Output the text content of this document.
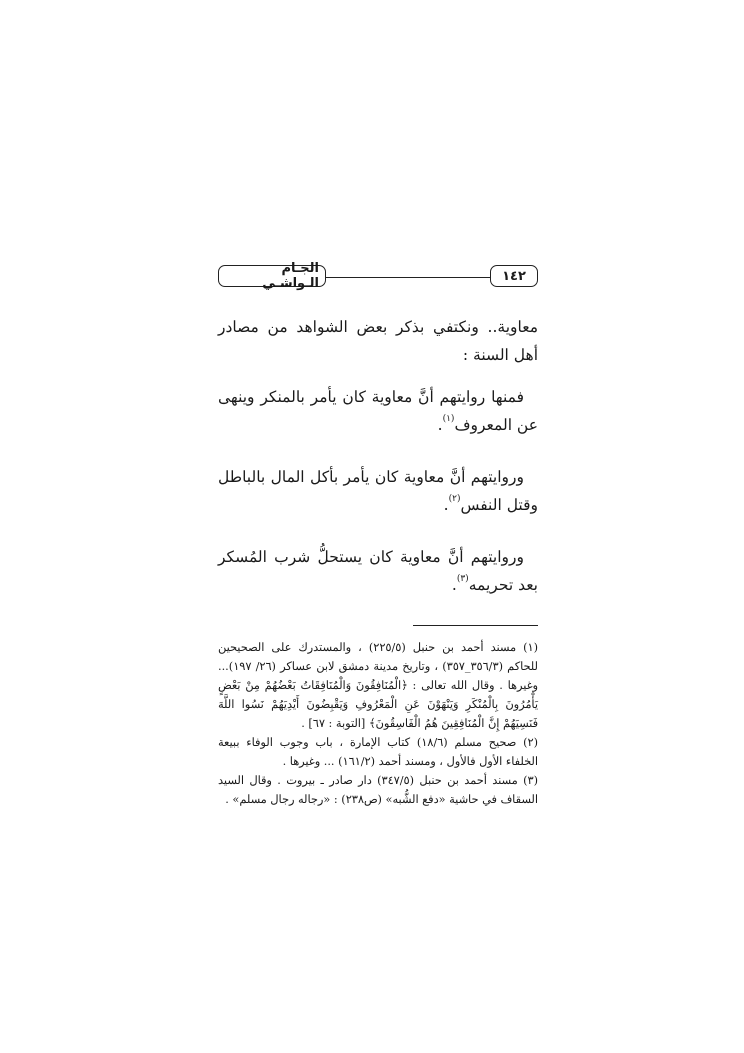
١٤٢
الجـام الـواشـي

معاوية.. ونكتفي بذكر بعض الشواهد من مصادر أهل السنة :

فمنها روايتهم أنَّ معاوية كان يأمر بالمنكر وينهى عن المعروف$^{(١)}$.

وروايتهم أنَّ معاوية كان يأمر بأكل المال بالباطل وقتل النفس$^{(٢)}$.

وروايتهم أنَّ معاوية كان يستحلُّ شرب المُسكر بعد تحريمه$^{(٣)}$.

(١) مسند أحمد بن حنبل (٢٢٥/٥) ، والمستدرك على الصحيحين للحاكم (٣٥٦/٣_٣٥٧) ، وتاريخ مدينة دمشق لابن عساكر (٢٦/ ١٩٧)... وغيرها . وقال الله تعالى : ﴿الْمُنَافِقُونَ وَالْمُنَافِقَاتُ بَعْضُهُمْ مِنْ بَعْضٍ يَأْمُرُونَ بِالْمُنْكَرِ وَيَنْهَوْنَ عَنِ الْمَعْرُوفِ وَيَقْبِضُونَ أَيْدِيَهُمْ نَسُوا اللَّهَ فَنَسِيَهُمْ إِنَّ الْمُنَافِقِينَ هُمُ الْفَاسِقُونَ﴾ [التوبة : ٦٧] .

(٢) صحيح مسلم (١٨/٦) كتاب الإمارة ، باب وجوب الوفاء ببيعة الخلفاء الأول فالأول ، ومسند أحمد (١٦١/٢) ... وغيرها .

(٣) مسند أحمد بن حنبل (٣٤٧/٥) دار صادر ـ بيروت . وقال السيد السقاف في حاشية «دفع الشُّبه» (ص٢٣٨) : «رجاله رجال مسلم» .
